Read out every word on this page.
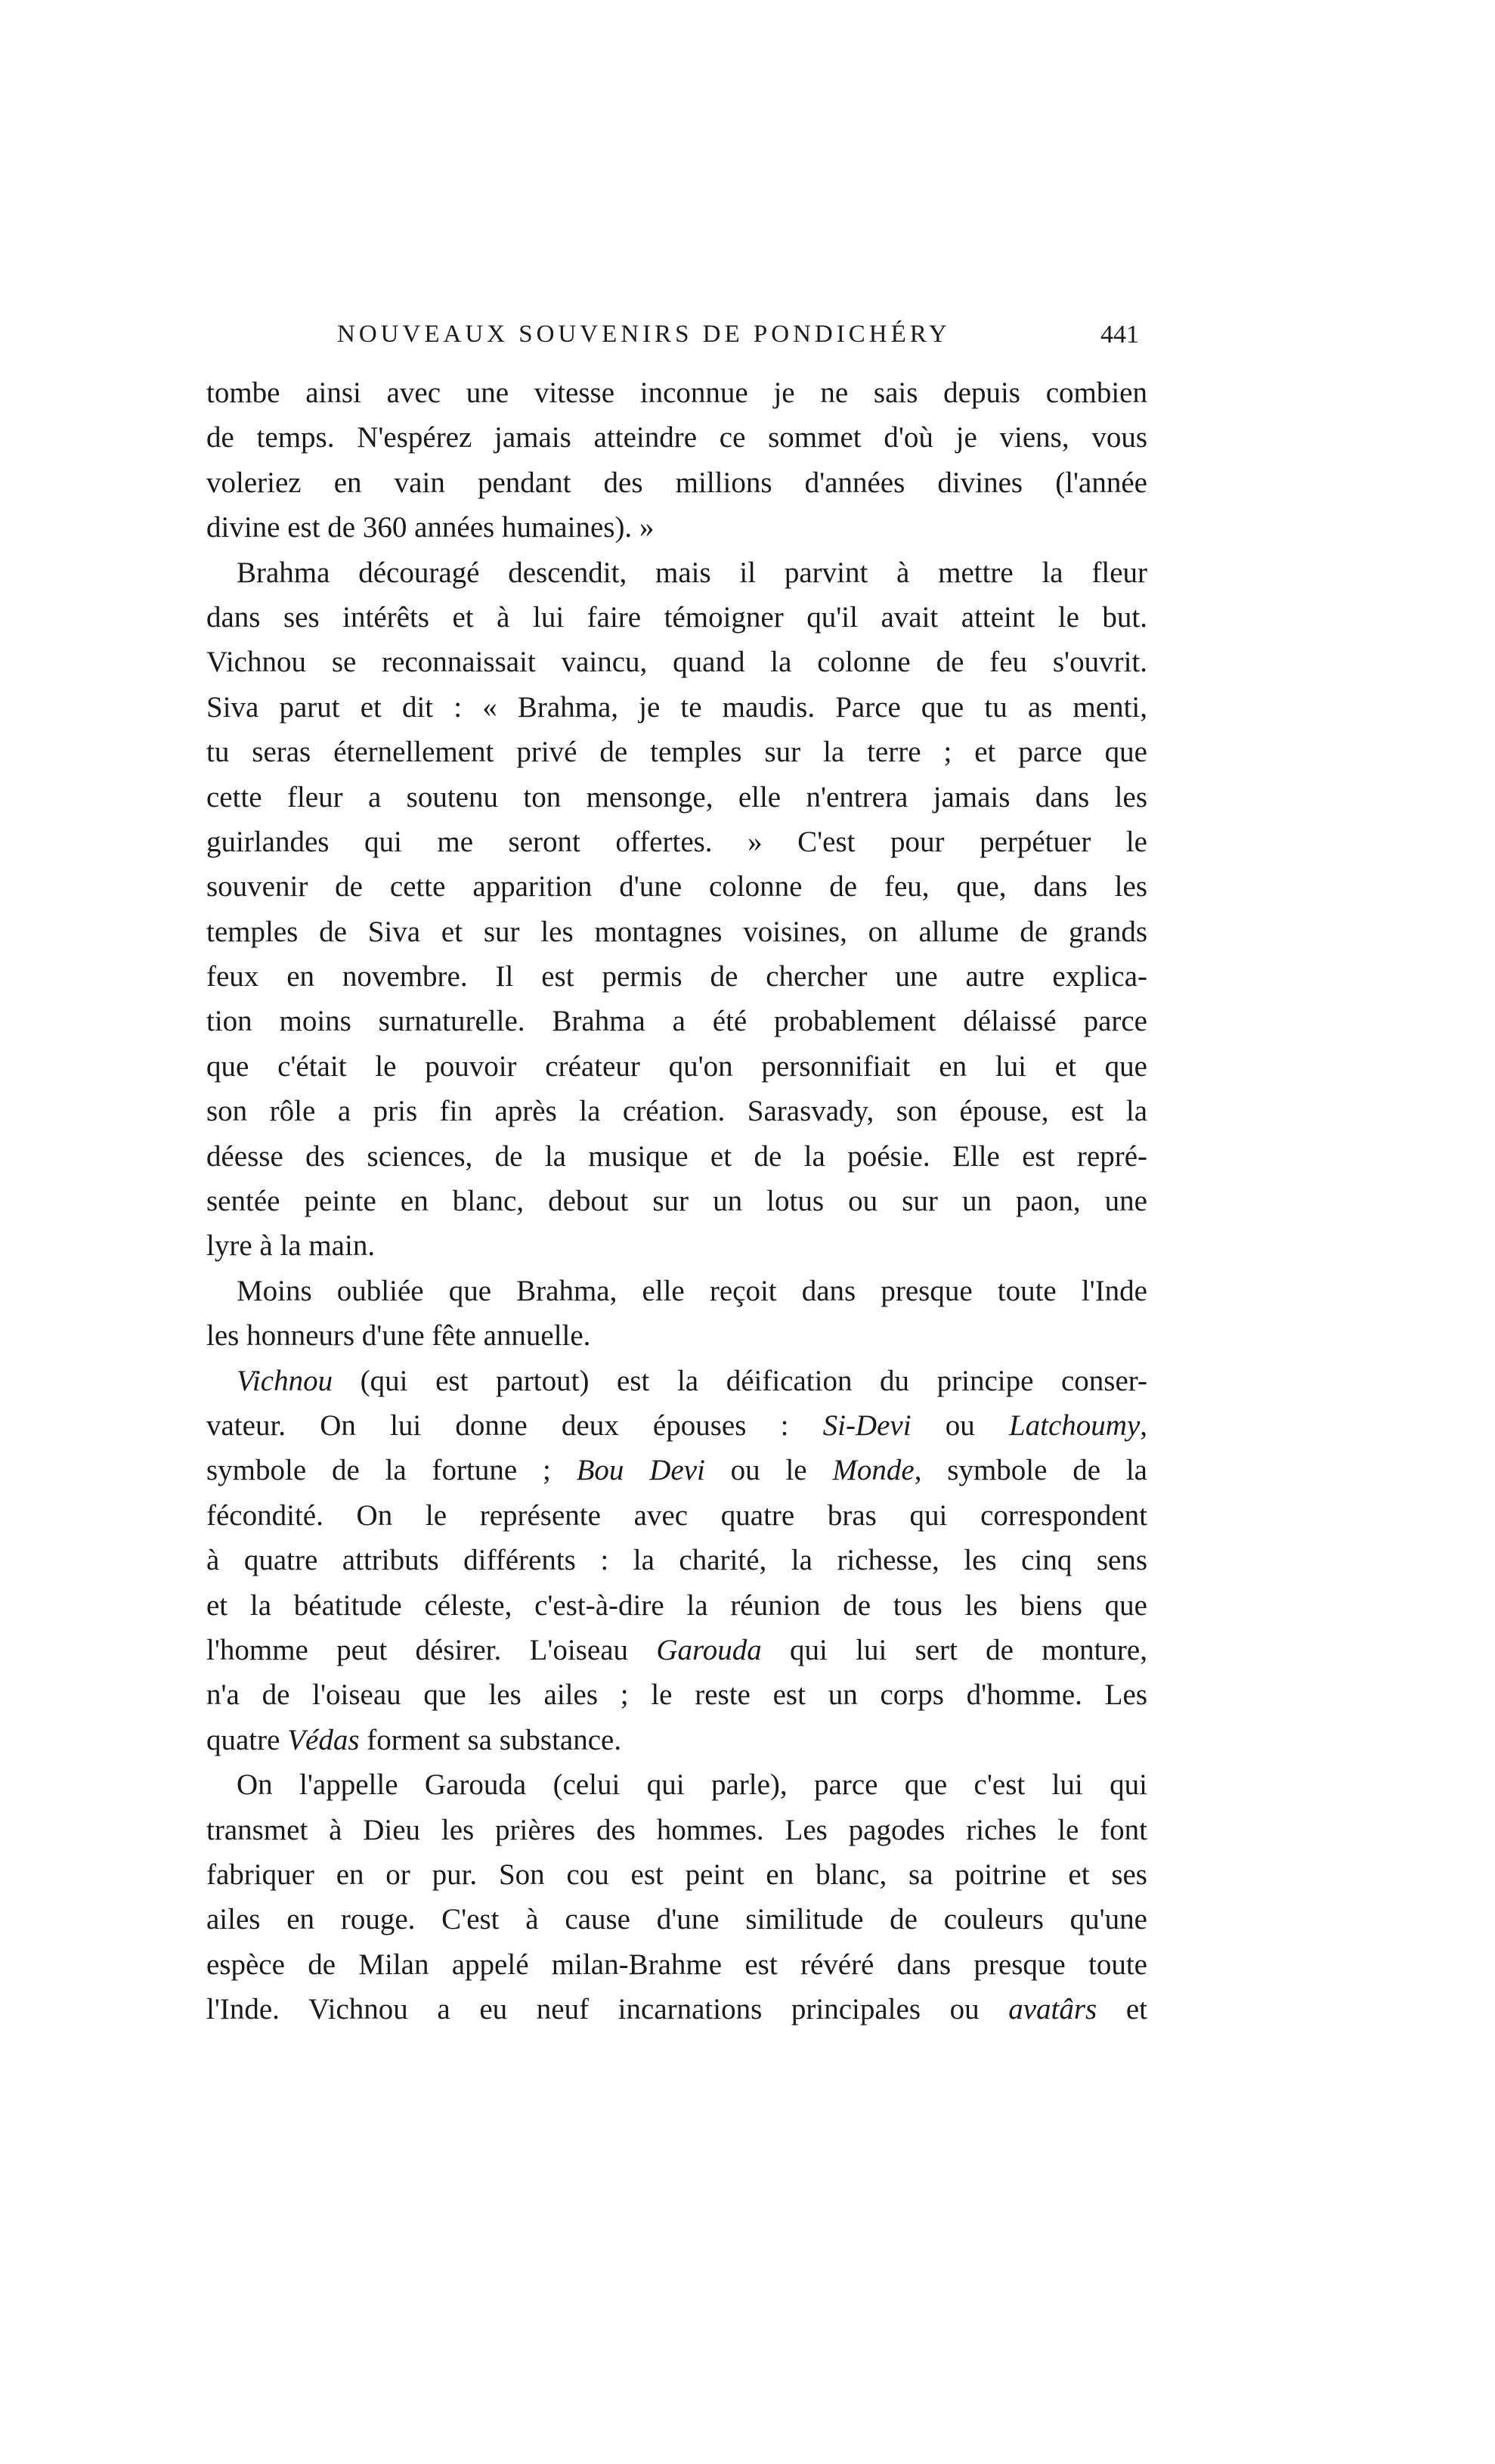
NOUVEAUX SOUVENIRS DE PONDICHÉRY	441
tombe ainsi avec une vitesse inconnue je ne sais depuis combien
de temps. N'espérez jamais atteindre ce sommet d'où je viens, vous
voleriez en vain pendant des millions d'années divines (l'année
divine est de 360 années humaines). »
Brahma découragé descendit, mais il parvint à mettre la fleur
dans ses intérêts et à lui faire témoigner qu'il avait atteint le but.
Vichnou se reconnaissait vaincu, quand la colonne de feu s'ouvrit.
Siva parut et dit : « Brahma, je te maudis. Parce que tu as menti,
tu seras éternellement privé de temples sur la terre ; et parce que
cette fleur a soutenu ton mensonge, elle n'entrera jamais dans les
guirlandes qui me seront offertes. » C'est pour perpétuer le
souvenir de cette apparition d'une colonne de feu, que, dans les
temples de Siva et sur les montagnes voisines, on allume de grands
feux en novembre. Il est permis de chercher une autre explica-
tion moins surnaturelle. Brahma a été probablement délaissé parce
que c'était le pouvoir créateur qu'on personnifiait en lui et que
son rôle a pris fin après la création. Sarasvady, son épouse, est la
déesse des sciences, de la musique et de la poésie. Elle est repré-
sentée peinte en blanc, debout sur un lotus ou sur un paon, une
lyre à la main.
Moins oubliée que Brahma, elle reçoit dans presque toute l'Inde
les honneurs d'une fête annuelle.
Vichnou (qui est partout) est la déification du principe conser-
vateur. On lui donne deux épouses : Si-Devi ou Latchoumy,
symbole de la fortune ; Bou Devi ou le Monde, symbole de la
fécondité. On le représente avec quatre bras qui correspondent
à quatre attributs différents : la charité, la richesse, les cinq sens
et la béatitude céleste, c'est-à-dire la réunion de tous les biens que
l'homme peut désirer. L'oiseau Garouda qui lui sert de monture,
n'a de l'oiseau que les ailes ; le reste est un corps d'homme. Les
quatre Védas forment sa substance.
On l'appelle Garouda (celui qui parle), parce que c'est lui qui
transmet à Dieu les prières des hommes. Les pagodes riches le font
fabriquer en or pur. Son cou est peint en blanc, sa poitrine et ses
ailes en rouge. C'est à cause d'une similitude de couleurs qu'une
espèce de Milan appelé milan-Brahme est révéré dans presque toute
l'Inde. Vichnou a eu neuf incarnations principales ou avatârs et
